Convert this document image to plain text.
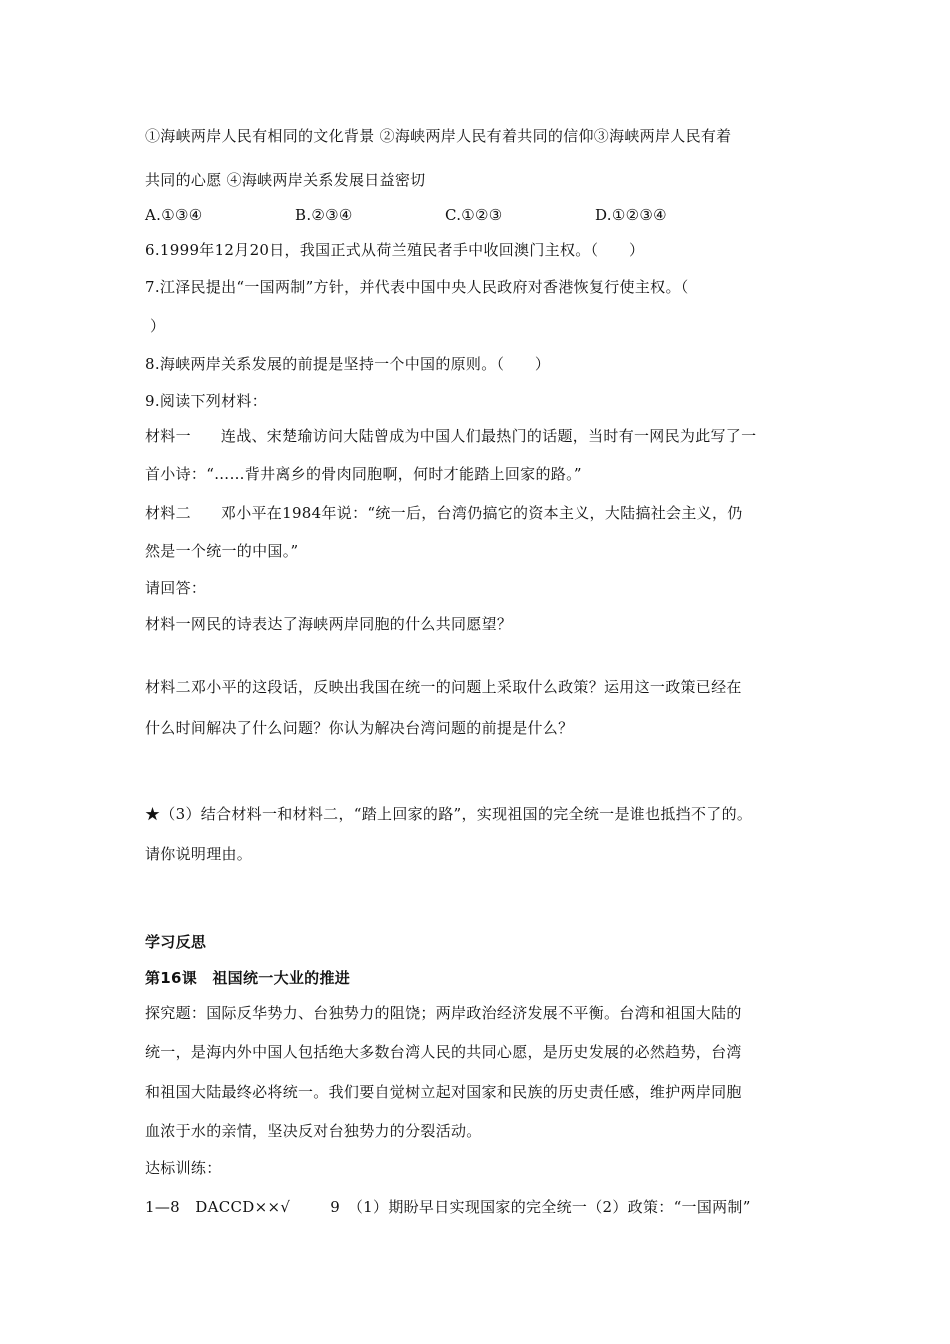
①海峡两岸人民有相同的文化背景 ②海峡两岸人民有着共同的信仰③海峡两岸人民有着
共同的心愿 ④海峡两岸关系发展日益密切
A.①③④	B.②③④	C.①②③	D.①②③④
6.1999年12月20日，我国正式从荷兰殖民者手中收回澳门主权。（　　）
7.江泽民提出“一国两制”方针，并代表中国中央人民政府对香港恢复行使主权。（
）
8.海峡两岸关系发展的前提是坚持一个中国的原则。（　　）
9.阅读下列材料：
材料一 连战、宋楚瑜访问大陆曾成为中国人们最热门的话题，当时有一网民为此写了一
首小诗：“……背井离乡的骨肉同胞啊，何时才能踏上回家的路。”
材料二 邓小平在1984年说：“统一后，台湾仍搞它的资本主义，大陆搞社会主义，仍
然是一个统一的中国。”
请回答：
材料一网民的诗表达了海峡两岸同胞的什么共同愿望？
材料二邓小平的这段话，反映出我国在统一的问题上采取什么政策？运用这一政策已经在
什么时间解决了什么问题？你认为解决台湾问题的前提是什么？
★（3）结合材料一和材料二，“踏上回家的路”，实现祖国的完全统一是谁也抵挡不了的。
请你说明理由。
学习反思
第16课　祖国统一大业的推进
探究题：国际反华势力、台独势力的阻饶；两岸政治经济发展不平衡。台湾和祖国大陆的
统一，是海内外中国人包括绝大多数台湾人民的共同心愿，是历史发展的必然趋势，台湾
和祖国大陆最终必将统一。我们要自觉树立起对国家和民族的历史责任感，维护两岸同胞
血浓于水的亲情，坚决反对台独势力的分裂活动。
达标训练：
1—8　DACCD××√	9　（1）期盼早日实现国家的完全统一（2）政策：“一国两制”
